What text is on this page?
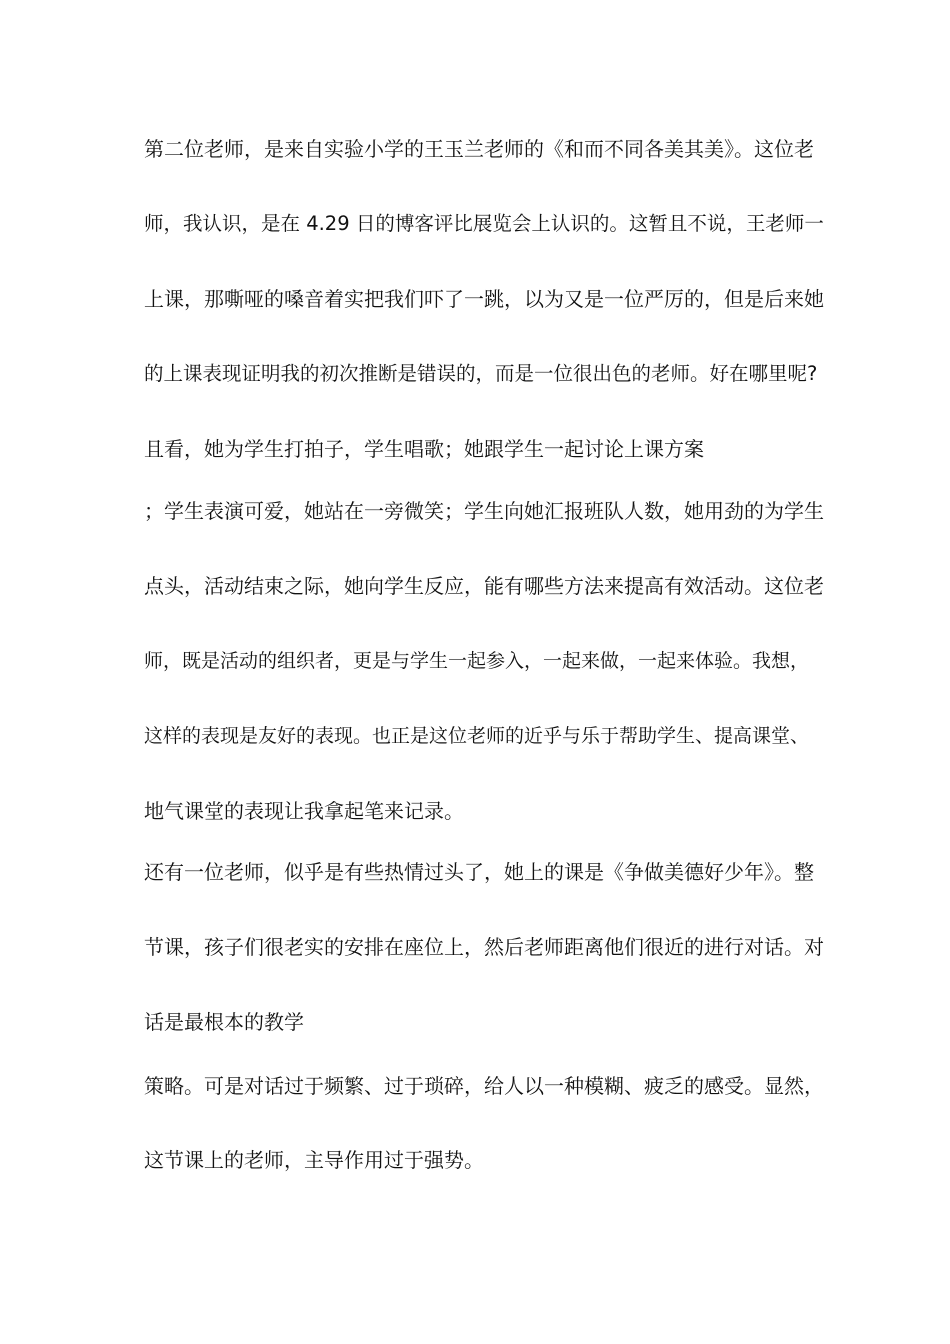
第二位老师，是来自实验小学的王玉兰老师的《和而不同各美其美》。这位老
师，我认识，是在 4.29 日的博客评比展览会上认识的。这暂且不说，王老师一
上课，那嘶哑的嗓音着实把我们吓了一跳，以为又是一位严厉的，但是后来她
的上课表现证明我的初次推断是错误的，而是一位很出色的老师。好在哪里呢?
且看，她为学生打拍子，学生唱歌；她跟学生一起讨论上课方案
；学生表演可爱，她站在一旁微笑；学生向她汇报班队人数，她用劲的为学生
点头，活动结束之际，她向学生反应，能有哪些方法来提高有效活动。这位老
师，既是活动的组织者，更是与学生一起参入，一起来做，一起来体验。我想，
这样的表现是友好的表现。也正是这位老师的近乎与乐于帮助学生、提高课堂、
地气课堂的表现让我拿起笔来记录。
还有一位老师，似乎是有些热情过头了，她上的课是《争做美德好少年》。整
节课，孩子们很老实的安排在座位上，然后老师距离他们很近的进行对话。对
话是最根本的教学
策略。可是对话过于频繁、过于琐碎，给人以一种模糊、疲乏的感受。显然，
这节课上的老师，主导作用过于强势。
